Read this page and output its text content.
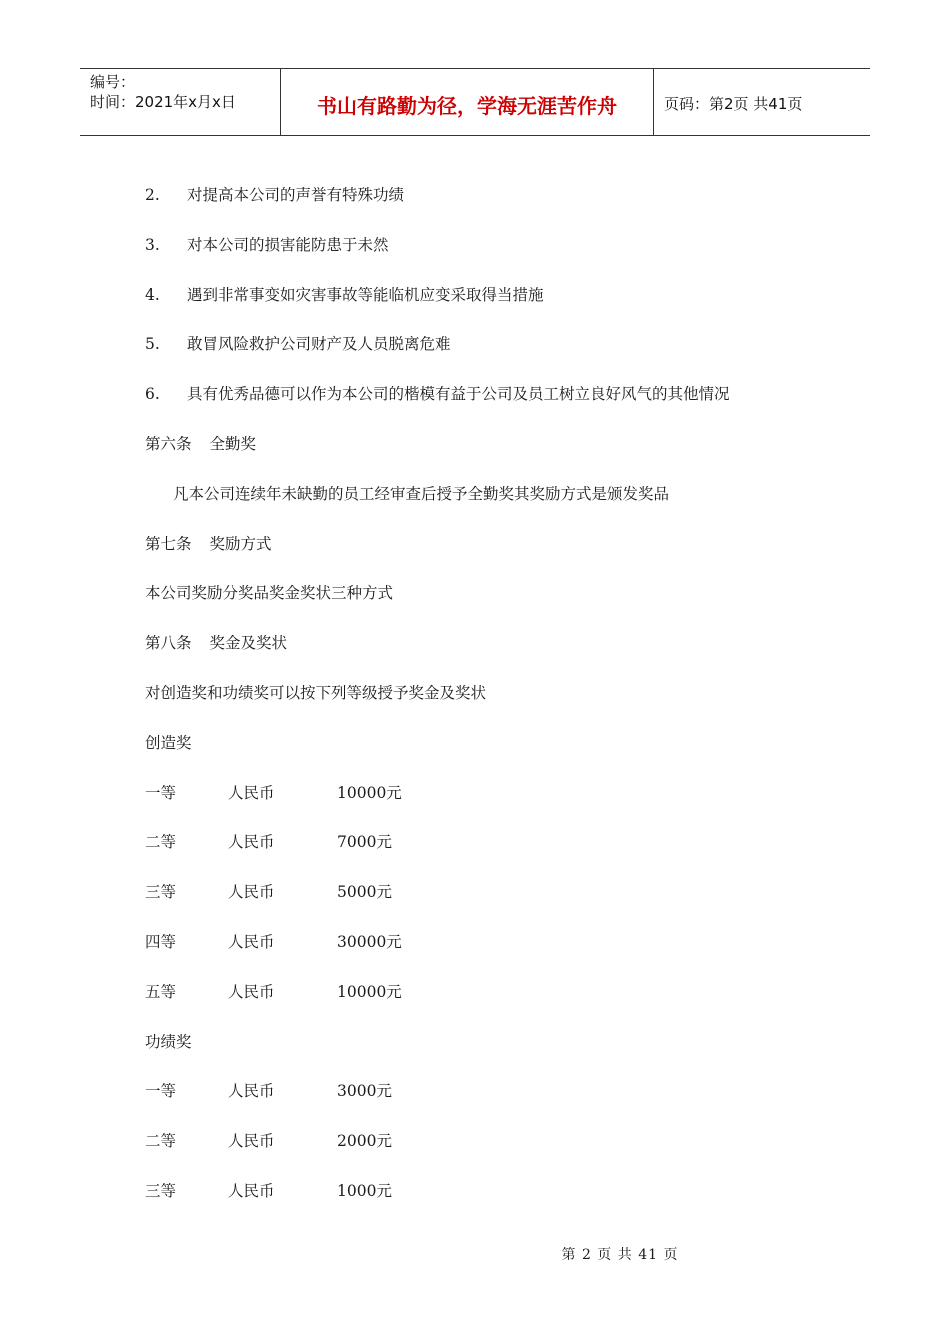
编号：
时间：2021年x月x日	书山有路勤为径，学海无涯苦作舟	页码：第2页 共41页
2. 对提高本公司的声誉有特殊功绩
3. 对本公司的损害能防患于未然
4. 遇到非常事变如灾害事故等能临机应变采取得当措施
5. 敢冒风险救护公司财产及人员脱离危难
6. 具有优秀品德可以作为本公司的楷模有益于公司及员工树立良好风气的其他情况
第六条 全勤奖
凡本公司连续年未缺勤的员工经审查后授予全勤奖其奖励方式是颁发奖品
第七条 奖励方式
本公司奖励分奖品奖金奖状三种方式
第八条 奖金及奖状
对创造奖和功绩奖可以按下列等级授予奖金及奖状
创造奖
一等	人民币	10000元
二等	人民币	7000元
三等	人民币	5000元
四等	人民币	30000元
五等	人民币	10000元
功绩奖
一等	人民币	3000元
二等	人民币	2000元
三等	人民币	1000元
第 2 页 共 41 页
